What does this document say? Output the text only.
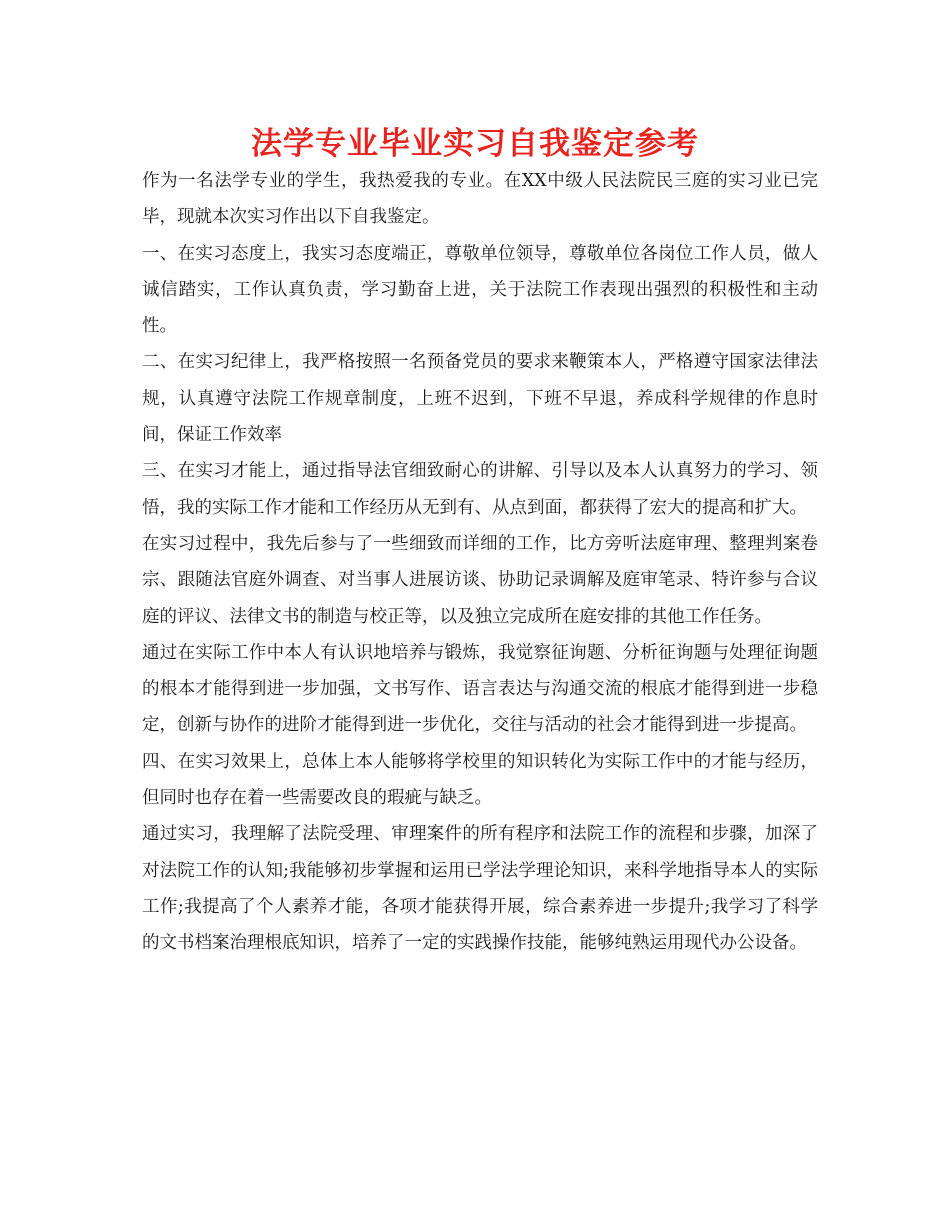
法学专业毕业实习自我鉴定参考

作为一名法学专业的学生，我热爱我的专业。在XX中级人民法院民三庭的实习业已完毕，现就本次实习作出以下自我鉴定。

一、在实习态度上，我实习态度端正，尊敬单位领导，尊敬单位各岗位工作人员，做人诚信踏实，工作认真负责，学习勤奋上进，关于法院工作表现出强烈的积极性和主动性。

二、在实习纪律上，我严格按照一名预备党员的要求来鞭策本人，严格遵守国家法律法规，认真遵守法院工作规章制度，上班不迟到，下班不早退，养成科学规律的作息时间，保证工作效率

三、在实习才能上，通过指导法官细致耐心的讲解、引导以及本人认真努力的学习、领悟，我的实际工作才能和工作经历从无到有、从点到面，都获得了宏大的提高和扩大。

在实习过程中，我先后参与了一些细致而详细的工作，比方旁听法庭审理、整理判案卷宗、跟随法官庭外调查、对当事人进展访谈、协助记录调解及庭审笔录、特许参与合议庭的评议、法律文书的制造与校正等，以及独立完成所在庭安排的其他工作任务。

通过在实际工作中本人有认识地培养与锻炼，我觉察征询题、分析征询题与处理征询题的根本才能得到进一步加强，文书写作、语言表达与沟通交流的根底才能得到进一步稳定，创新与协作的进阶才能得到进一步优化，交往与活动的社会才能得到进一步提高。

四、在实习效果上，总体上本人能够将学校里的知识转化为实际工作中的才能与经历，但同时也存在着一些需要改良的瑕疵与缺乏。

通过实习，我理解了法院受理、审理案件的所有程序和法院工作的流程和步骤，加深了对法院工作的认知;我能够初步掌握和运用已学法学理论知识，来科学地指导本人的实际工作;我提高了个人素养才能，各项才能获得开展，综合素养进一步提升;我学习了科学的文书档案治理根底知识，培养了一定的实践操作技能，能够纯熟运用现代办公设备。
